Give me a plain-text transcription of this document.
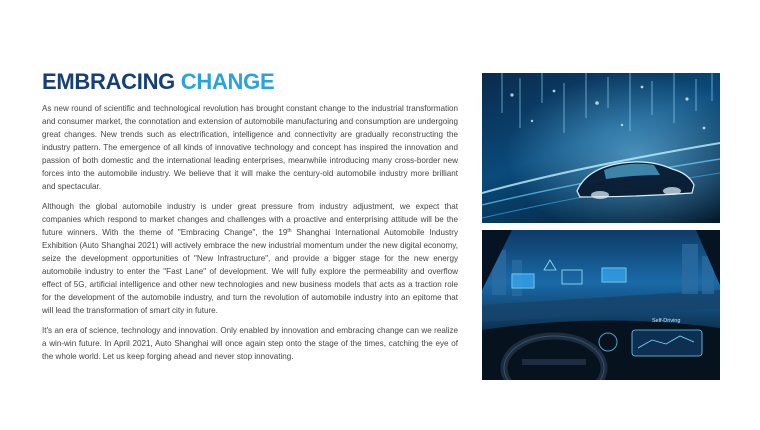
EMBRACING CHANGE

As new round of scientific and technological revolution has brought constant change to the industrial transformation and consumer market, the connotation and extension of automobile manufacturing and consumption are undergoing great changes. New trends such as electrification, intelligence and connectivity are gradually reconstructing the industry pattern. The emergence of all kinds of innovative technology and concept has inspired the innovation and passion of both domestic and the international leading enterprises, meanwhile introducing many cross-border new forces into the automobile industry. We believe that it will make the century-old automobile industry more brilliant and spectacular.

Although the global automobile industry is under great pressure from industry adjustment, we expect that companies which respond to market changes and challenges with a proactive and enterprising attitude will be the future winners. With the theme of "Embracing Change", the 19th Shanghai International Automobile Industry Exhibition (Auto Shanghai 2021) will actively embrace the new industrial momentum under the new digital economy, seize the development opportunities of "New Infrastructure", and provide a bigger stage for the new energy automobile industry to enter the "Fast Lane" of development. We will fully explore the permeability and overflow effect of 5G, artificial intelligence and other new technologies and new business models that acts as a traction role for the development of the automobile industry, and turn the revolution of automobile industry into an epitome that will lead the transformation of smart city in future.

It's an era of science, technology and innovation. Only enabled by innovation and embracing change can we realize a win-win future. In April 2021, Auto Shanghai will once again step onto the stage of the times, catching the eye of the whole world. Let us keep forging ahead and never stop innovating.

Self-Driving
